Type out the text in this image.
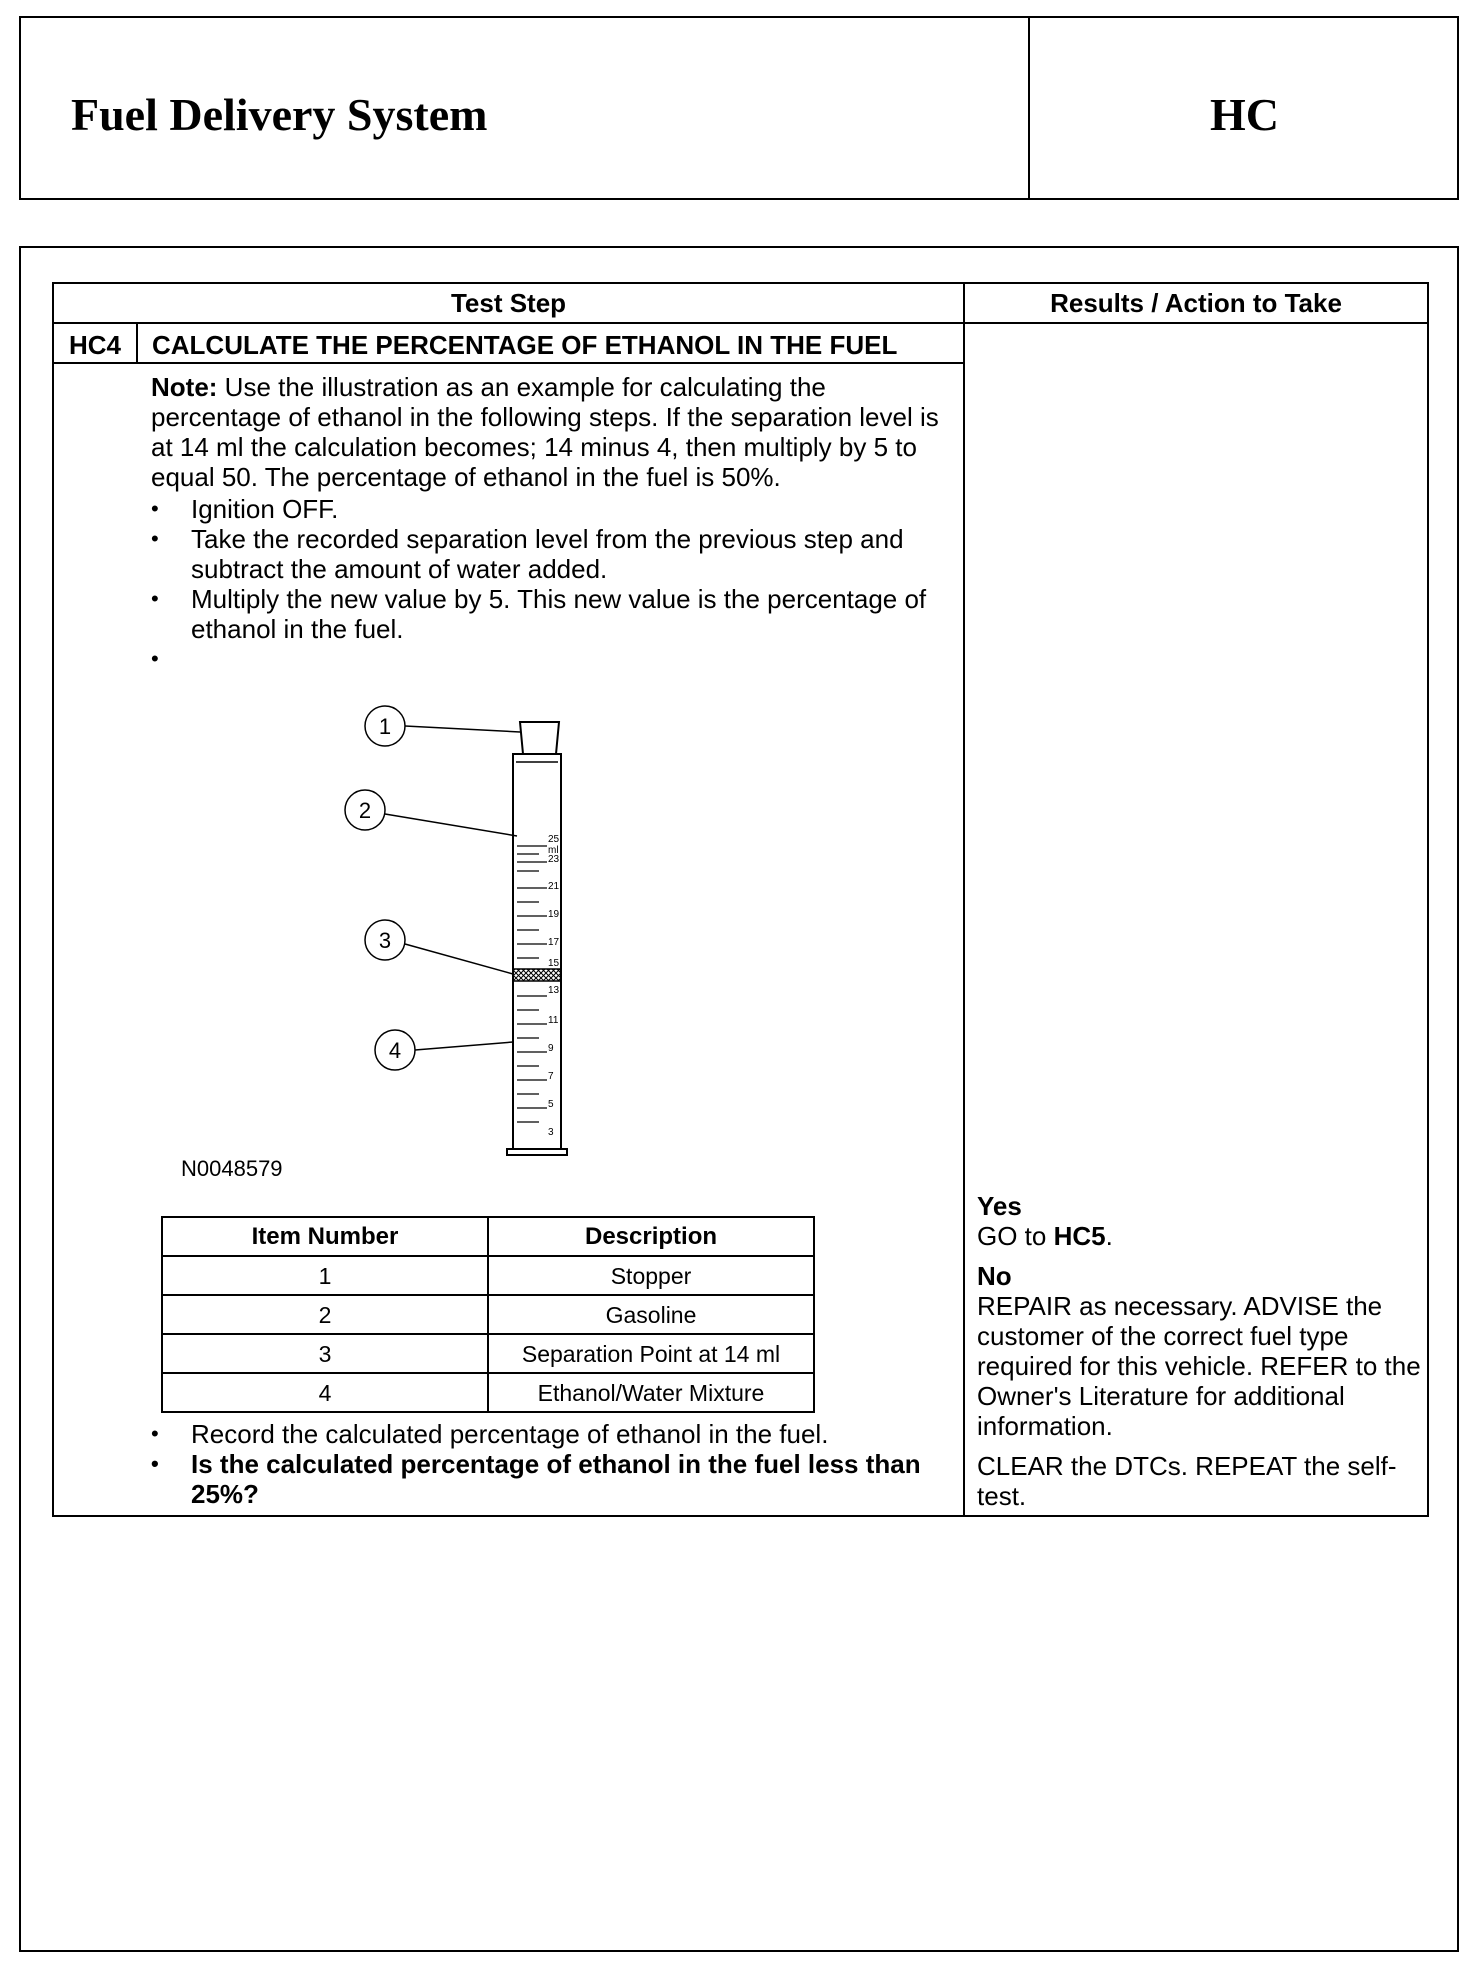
Fuel Delivery System	HC
Test Step	Results / Action to Take
HC4	CALCULATE THE PERCENTAGE OF ETHANOL IN THE FUEL	
Yes
GO to HC5.
No
REPAIR as necessary. ADVISE the customer of the correct fuel type required for this vehicle. REFER to the Owner's Literature for additional information.
CLEAR the DTCs. REPEAT the self-test.

Note: Use the illustration as an example for calculating the percentage of ethanol in the following steps. If the separation level is at 14 ml the calculation becomes; 14 minus 4, then multiply by 5 to equal 50. The percentage of ethanol in the fuel is 50%.
• Ignition OFF.
• Take the recorded separation level from the previous step and subtract the amount of water added.
• Multiply the new value by 5. This new value is the percentage of ethanol in the fuel.
•
25
ml
23
21
19
17
15
13
11
9
7
5
3
1
2
3
4
N0048579
Item Number	Description
1	Stopper
2	Gasoline
3	Separation Point at 14 ml
4	Ethanol/Water Mixture
• Record the calculated percentage of ethanol in the fuel.
• Is the calculated percentage of ethanol in the fuel less than 25%?
